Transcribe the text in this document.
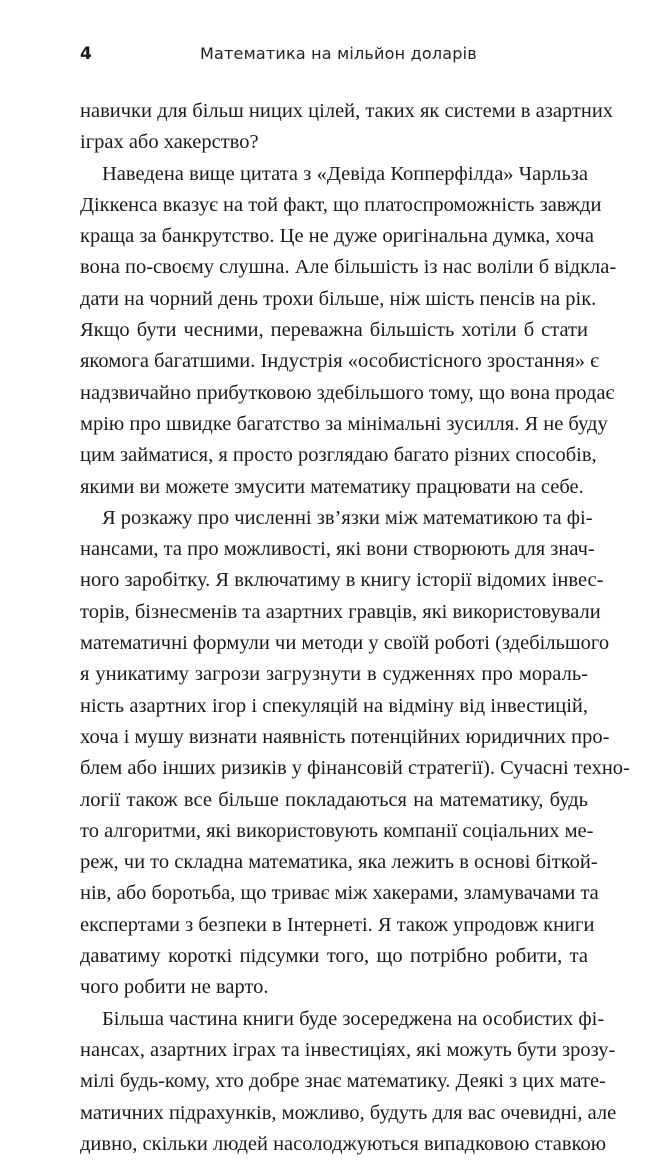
4	Математика на мільйон доларів
навички для більш ницих цілей, таких як системи в азартних
іграх або хакерство?
Наведена вище цитата з «Девіда Копперфілда» Чарльза
Діккенса вказує на той факт, що платоспроможність завжди
краща за банкрутство. Це не дуже оригінальна думка, хоча
вона по-своєму слушна. Але більшість із нас воліли б відкла-
дати на чорний день трохи більше, ніж шість пенсів на рік.
Якщо бути чесними, переважна більшість хотіли б стати
якомога багатшими. Індустрія «особистісного зростання» є
надзвичайно прибутковою здебільшого тому, що вона продає
мрію про швидке багатство за мінімальні зусилля. Я не буду
цим займатися, я просто розглядаю багато різних способів,
якими ви можете змусити математику працювати на себе.
Я розкажу про численні зв’язки між математикою та фі-
нансами, та про можливості, які вони створюють для знач-
ного заробітку. Я включатиму в книгу історії відомих інвес-
торів, бізнесменів та азартних гравців, які використовували
математичні формули чи методи у своїй роботі (здебільшого
я уникатиму загрози загрузнути в судженнях про мораль-
ність азартних ігор і спекуляцій на відміну від інвестицій,
хоча і мушу визнати наявність потенційних юридичних про-
блем або інших ризиків у фінансовій стратегії). Сучасні техно-
логії також все більше покладаються на математику, будь
то алгоритми, які використовують компанії соціальних ме-
реж, чи то складна математика, яка лежить в основі біткой-
нів, або боротьба, що триває між хакерами, зламувачами та
експертами з безпеки в Інтернеті. Я також упродовж книги
даватиму короткі підсумки того, що потрібно робити, та
чого робити не варто.
Більша частина книги буде зосереджена на особистих фі-
нансах, азартних іграх та інвестиціях, які можуть бути зрозу-
мілі будь-кому, хто добре знає математику. Деякі з цих мате-
матичних підрахунків, можливо, будуть для вас очевидні, але
дивно, скільки людей насолоджуються випадковою ставкою
